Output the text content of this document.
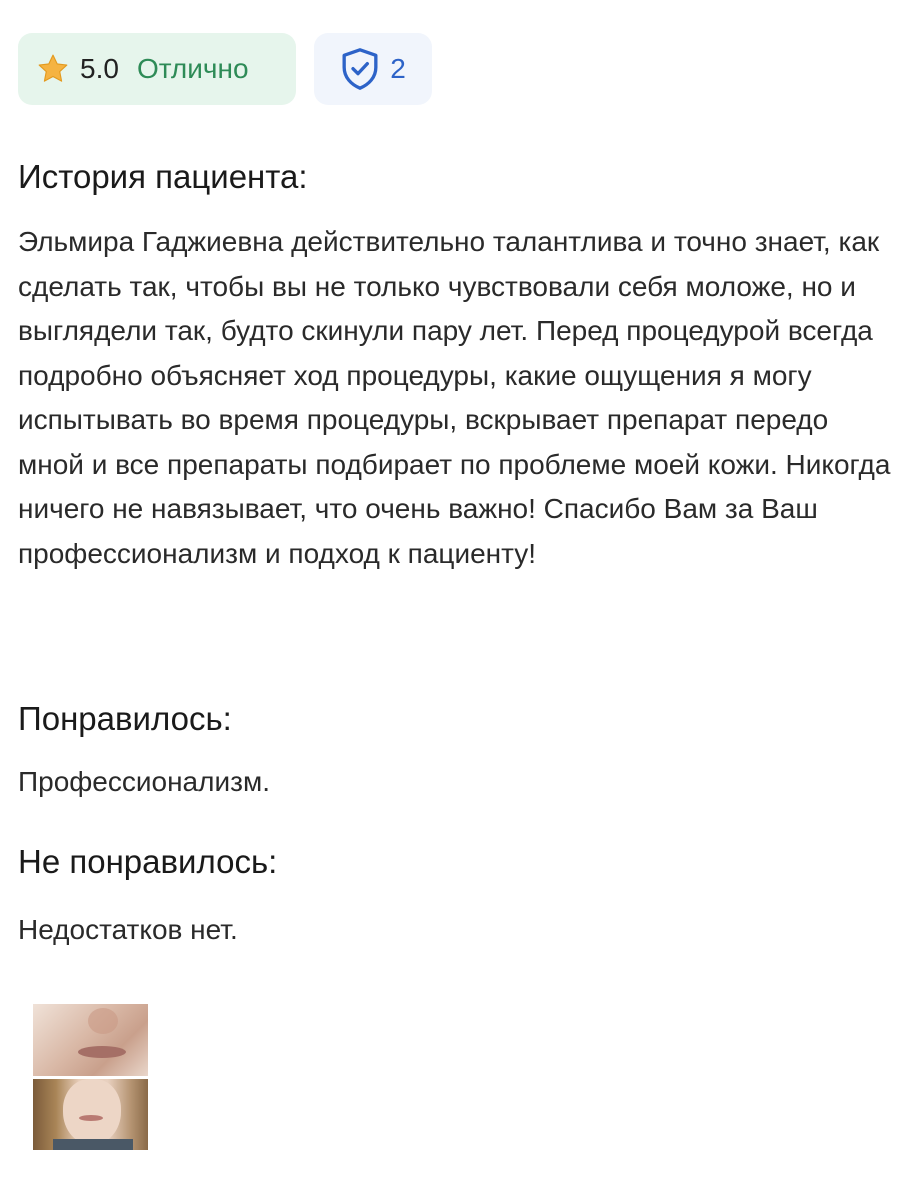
5.0 Отлично	2
История пациента:

Эльмира Гаджиевна действительно талантлива и точно знает, как сделать так, чтобы вы не только чувствовали себя моложе, но и выглядели так, будто скинули пару лет. Перед процедурой всегда подробно объясняет ход процедуры, какие ощущения я могу испытывать во время процедуры, вскрывает препарат передо мной и все препараты подбирает по проблеме моей кожи. Никогда ничего не навязывает, что очень важно! Спасибо Вам за Ваш профессионализм и подход к пациенту!

Понравилось:

Профессионализм.

Не понравилось:

Недостатков нет.
